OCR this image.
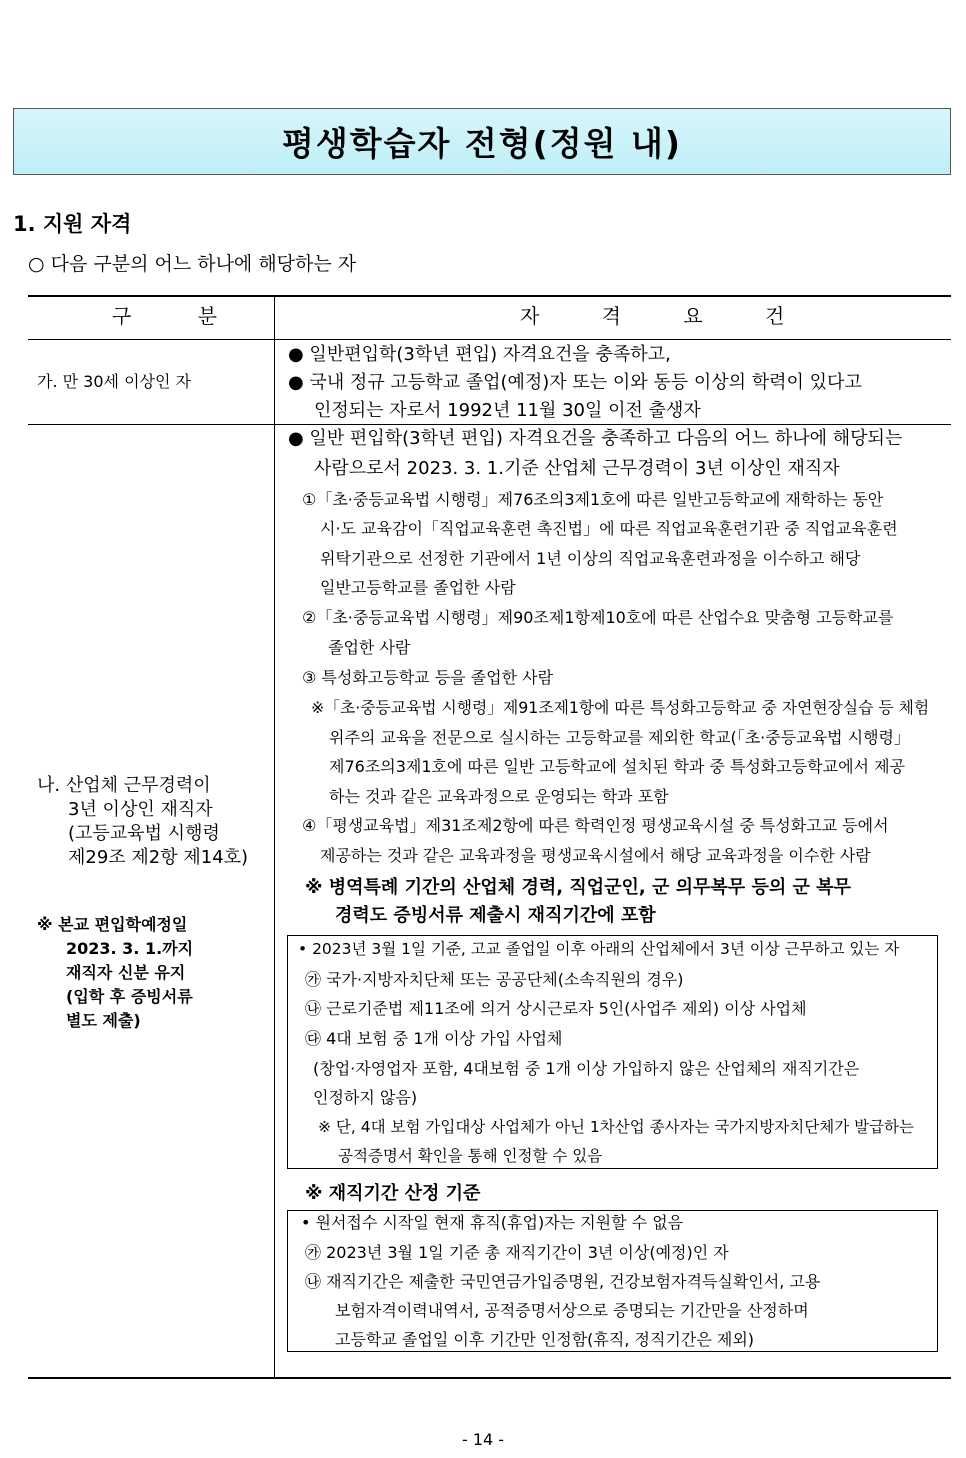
평생학습자 전형(정원 내)
1. 지원 자격
○ 다음 구분의 어느 하나에 해당하는 자
구 분	자 격 요 건
가. 만 30세 이상인 자
● 일반편입학(3학년 편입) 자격요건을 충족하고,
● 국내 정규 고등학교 졸업(예정)자 또는 이와 동등 이상의 학력이 있다고
인정되는 자로서 1992년 11월 30일 이전 출생자
나. 산업체 근무경력이
3년 이상인 재직자
(고등교육법 시행령
제29조 제2항 제14호)
※ 본교 편입학예정일
2023. 3. 1.까지
재직자 신분 유지
(입학 후 증빙서류
별도 제출)
● 일반 편입학(3학년 편입) 자격요건을 충족하고 다음의 어느 하나에 해당되는
사람으로서 2023. 3. 1.기준 산업체 근무경력이 3년 이상인 재직자
①「초·중등교육법 시행령」제76조의3제1호에 따른 일반고등학교에 재학하는 동안
시·도 교육감이「직업교육훈련 촉진법」에 따른 직업교육훈련기관 중 직업교육훈련
위탁기관으로 선정한 기관에서 1년 이상의 직업교육훈련과정을 이수하고 해당
일반고등학교를 졸업한 사람
②「초·중등교육법 시행령」제90조제1항제10호에 따른 산업수요 맞춤형 고등학교를
졸업한 사람
③ 특성화고등학교 등을 졸업한 사람
※「초·중등교육법 시행령」제91조제1항에 따른 특성화고등학교 중 자연현장실습 등 체험
위주의 교육을 전문으로 실시하는 고등학교를 제외한 학교(「초·중등교육법 시행령」
제76조의3제1호에 따른 일반 고등학교에 설치된 학과 중 특성화고등학교에서 제공
하는 것과 같은 교육과정으로 운영되는 학과 포함
④「평생교육법」제31조제2항에 따른 학력인정 평생교육시설 중 특성화고교 등에서
제공하는 것과 같은 교육과정을 평생교육시설에서 해당 교육과정을 이수한 사람
※ 병역특례 기간의 산업체 경력, 직업군인, 군 의무복무 등의 군 복무
경력도 증빙서류 제출시 재직기간에 포함
• 2023년 3월 1일 기준, 고교 졸업일 이후 아래의 산업체에서 3년 이상 근무하고 있는 자
㉮ 국가·지방자치단체 또는 공공단체(소속직원의 경우)
㉯ 근로기준법 제11조에 의거 상시근로자 5인(사업주 제외) 이상 사업체
㉰ 4대 보험 중 1개 이상 가입 사업체
(창업·자영업자 포함, 4대보험 중 1개 이상 가입하지 않은 산업체의 재직기간은
인정하지 않음)
※ 단, 4대 보험 가입대상 사업체가 아닌 1차산업 종사자는 국가지방자치단체가 발급하는
공적증명서 확인을 통해 인정할 수 있음
※ 재직기간 산정 기준
• 원서접수 시작일 현재 휴직(휴업)자는 지원할 수 없음
㉮ 2023년 3월 1일 기준 총 재직기간이 3년 이상(예정)인 자
㉯ 재직기간은 제출한 국민연금가입증명원, 건강보험자격득실확인서, 고용
보험자격이력내역서, 공적증명서상으로 증명되는 기간만을 산정하며
고등학교 졸업일 이후 기간만 인정함(휴직, 정직기간은 제외)
- 14 -
